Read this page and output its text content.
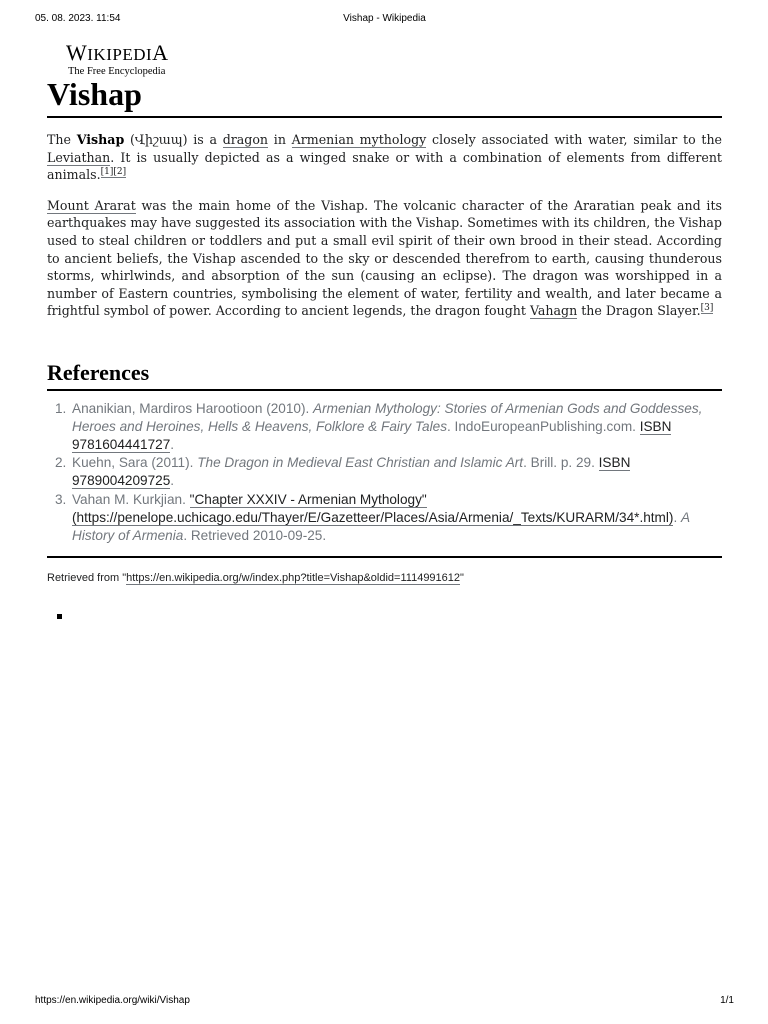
05. 08. 2023. 11:54	Vishap - Wikipedia
WIKIPEDIA
The Free Encyclopedia
Vishap

The Vishap (Վիշապ) is a dragon in Armenian mythology closely associated with water, similar to the Leviathan. It is usually depicted as a winged snake or with a combination of elements from different animals.[1][2]

Mount Ararat was the main home of the Vishap. The volcanic character of the Araratian peak and its earthquakes may have suggested its association with the Vishap. Sometimes with its children, the Vishap used to steal children or toddlers and put a small evil spirit of their own brood in their stead. According to ancient beliefs, the Vishap ascended to the sky or descended therefrom to earth, causing thunderous storms, whirlwinds, and absorption of the sun (causing an eclipse). The dragon was worshipped in a number of Eastern countries, symbolising the element of water, fertility and wealth, and later became a frightful symbol of power. According to ancient legends, the dragon fought Vahagn the Dragon Slayer.[3]

References
1. Ananikian, Mardiros Harootioon (2010). Armenian Mythology: Stories of Armenian Gods and Goddesses, Heroes and Heroines, Hells & Heavens, Folklore & Fairy Tales. IndoEuropeanPublishing.com. ISBN 9781604441727.
2. Kuehn, Sara (2011). The Dragon in Medieval East Christian and Islamic Art. Brill. p. 29. ISBN 9789004209725.
3. Vahan M. Kurkjian. "Chapter XXXIV - Armenian Mythology" (https://penelope.uchicago.edu/Thayer/E/Gazetteer/Places/Asia/Armenia/_Texts/KURARM/34*.html). A History of Armenia. Retrieved 2010-09-25.
Retrieved from "https://en.wikipedia.org/w/index.php?title=Vishap&oldid=1114991612"
https://en.wikipedia.org/wiki/Vishap	1/1
